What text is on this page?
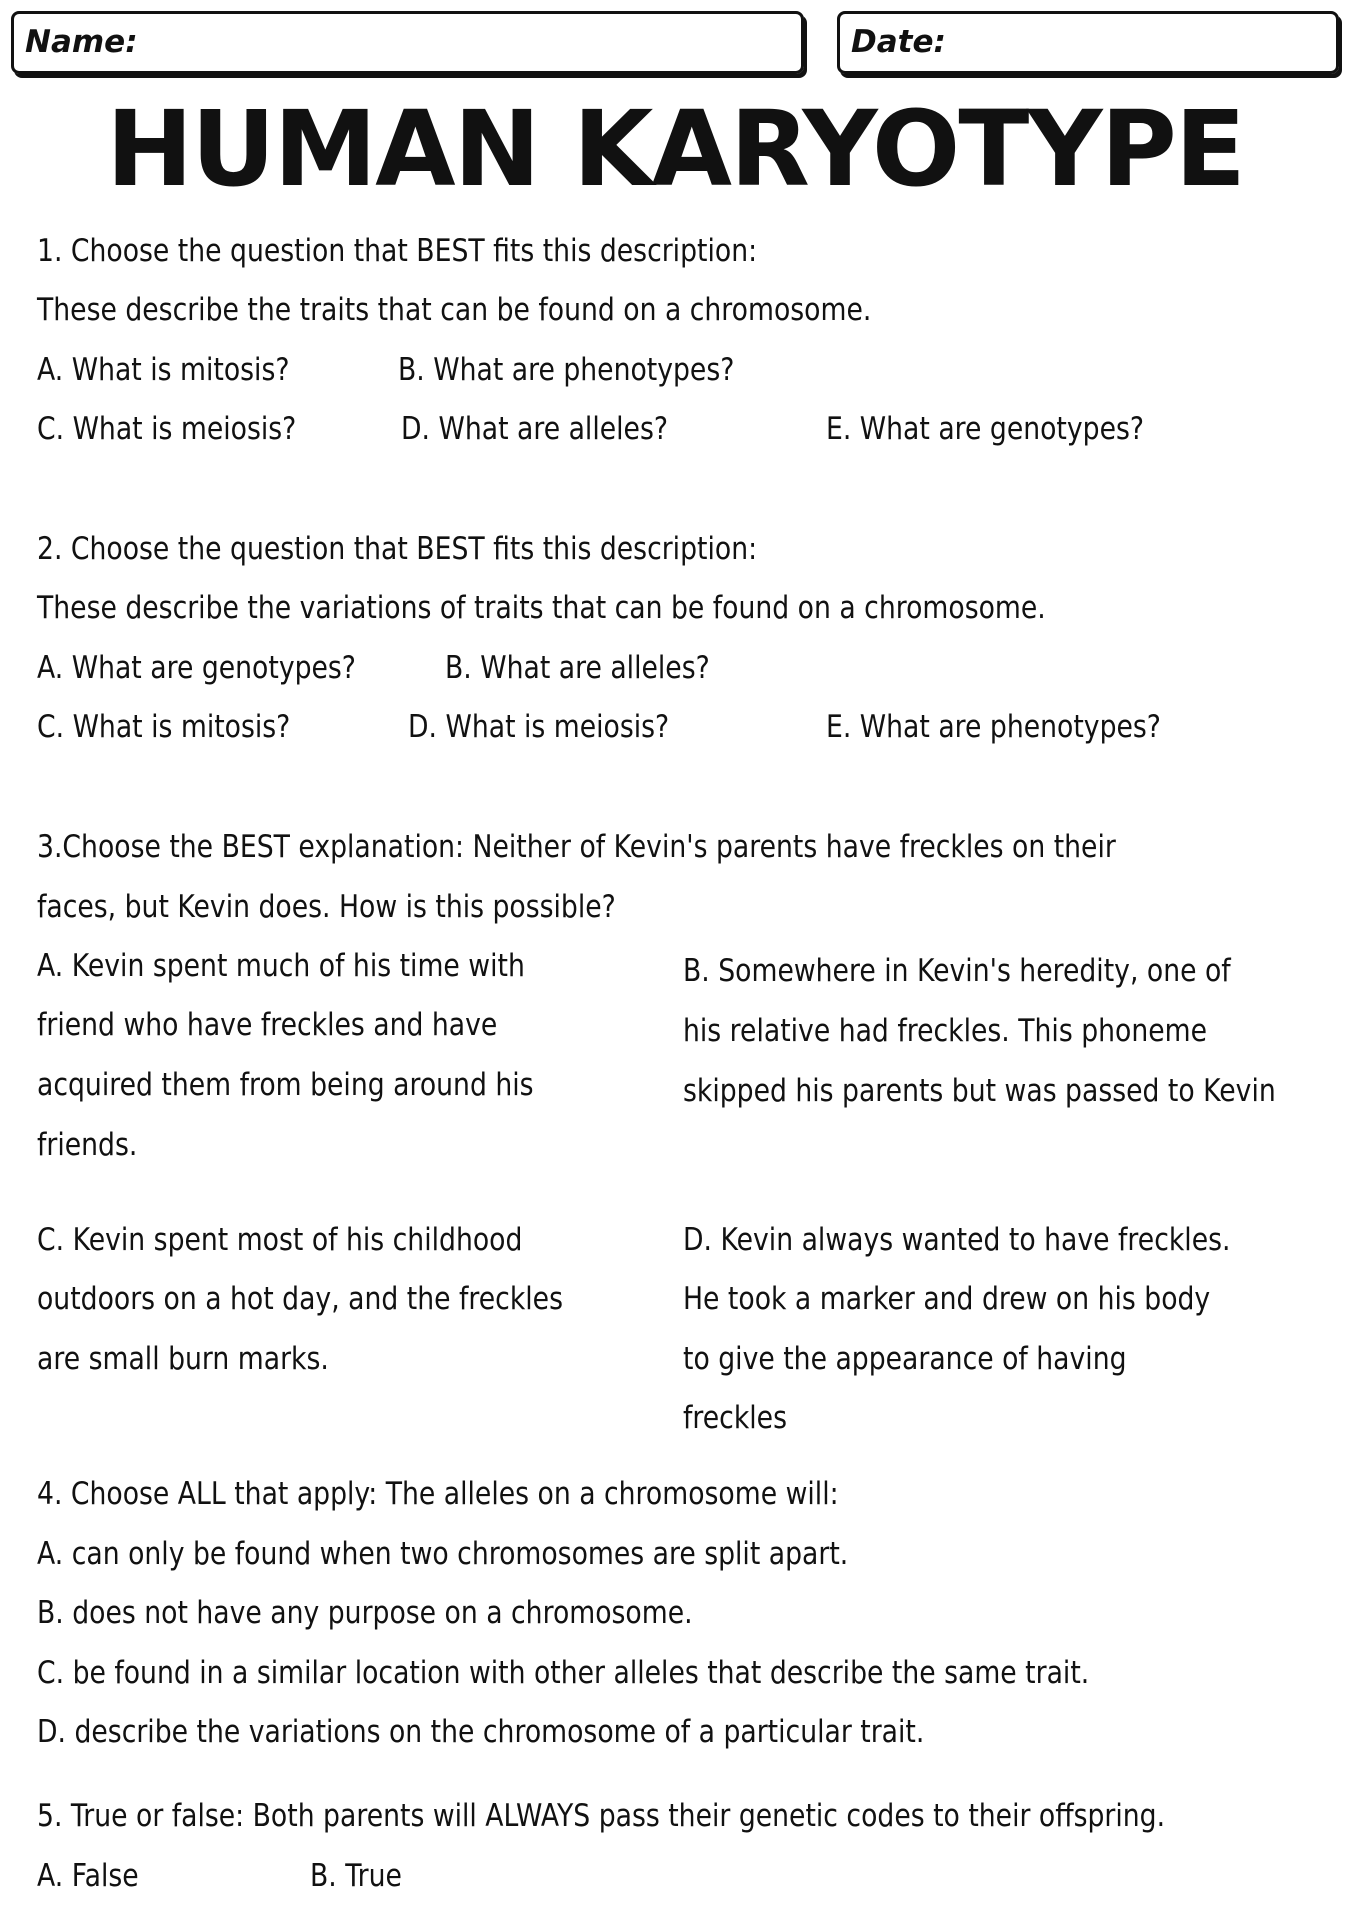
Name:	Date:
HUMAN KARYOTYPE
1. Choose the question that BEST fits this description:
These describe the traits that can be found on a chromosome.
A. What is mitosis?	B. What are phenotypes?
C. What is meiosis?	D. What are alleles?	E. What are genotypes?
2. Choose the question that BEST fits this description:
These describe the variations of traits that can be found on a chromosome.
A. What are genotypes?	B. What are alleles?
C. What is mitosis?	D. What is meiosis?	E. What are phenotypes?
3.Choose the BEST explanation: Neither of Kevin's parents have freckles on their
faces, but Kevin does. How is this possible?
A. Kevin spent much of his time with
friend who have freckles and have
acquired them from being around his
friends.
B. Somewhere in Kevin's heredity, one of
his relative had freckles. This phoneme
skipped his parents but was passed to Kevin
C. Kevin spent most of his childhood
outdoors on a hot day, and the freckles
are small burn marks.
D. Kevin always wanted to have freckles.
He took a marker and drew on his body
to give the appearance of having
freckles
4. Choose ALL that apply: The alleles on a chromosome will:
A. can only be found when two chromosomes are split apart.
B. does not have any purpose on a chromosome.
C. be found in a similar location with other alleles that describe the same trait.
D. describe the variations on the chromosome of a particular trait.
5. True or false: Both parents will ALWAYS pass their genetic codes to their offspring.
A. False	B. True
